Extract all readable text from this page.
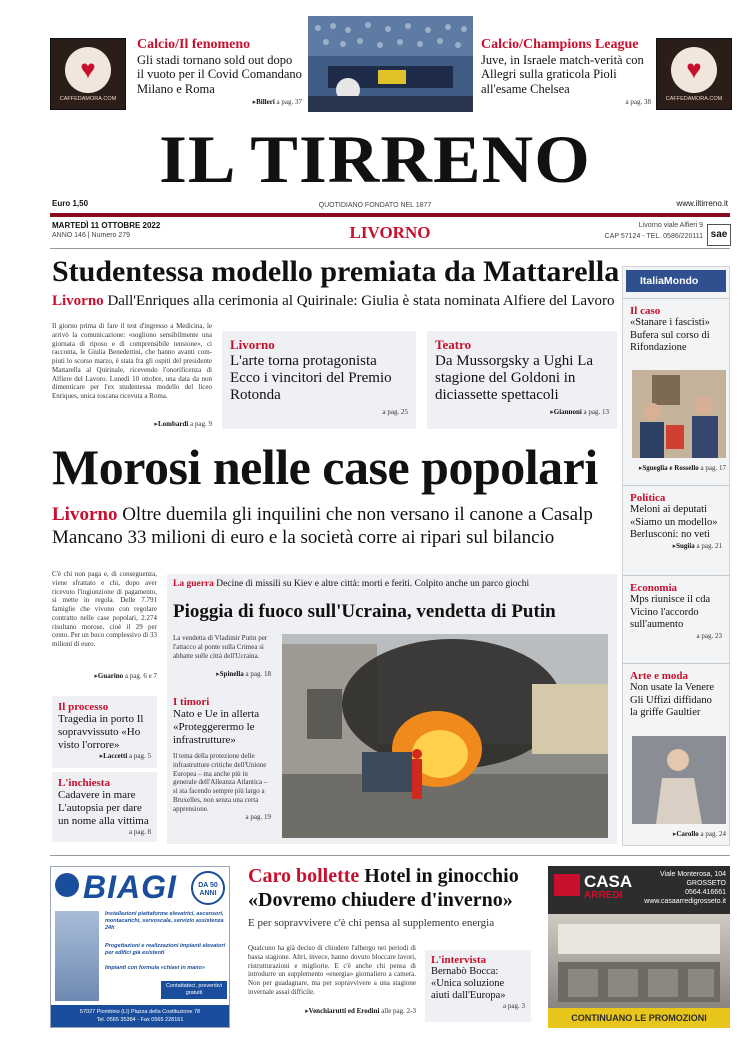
♥
CAFFEDAMORA.COM
Calcio/Il fenomeno
Gli stadi tornano sold out dopo il vuoto per il Covid Comandano Milano e Roma
▸Billeri a pag. 37
Calcio/Champions League
Juve, in Israele match-verità con Allegri sulla graticola Pioli all'esame Chelsea
a pag. 38
♥
CAFFEDAMORA.COM
IL TIRRENO
Euro 1,50	QUOTIDIANO FONDATO NEL 1877	www.iltirreno.it
MARTEDÌ 11 OTTOBRE 2022
ANNO 146 | Numero 279	LIVORNO	Livorno viale Alfieri 9
CAP 57124 - TEL. 0586/220111 sae
Studentessa modello premiata da Mattarella
Livorno Dall'Enriques alla cerimonia al Quirinale: Giulia è stata nominata Alfiere del Lavoro
Il giorno prima di fare il test d'ingresso a Medicina, le arrivò la comunicazione: «sogliono sensibilmente una giornata di riposo e di comprensibile tensione», ci racconta, le Giulia Benedettini, che hanno avanti compiuti lo scorso marzo, è stata fra gli ospiti del presidente Mattarella al Quirinale, ricevendo l'onorificenza di Alfiere del Lavoro. Lunedì 10 ottobre, una data da non dimenticare per l'ex studentessa modello del liceo Enriques, unica toscana ricevuta a Roma.
▸Lombardi a pag. 9
Livorno
L'arte torna protagonista Ecco i vincitori del Premio Rotonda
a pag. 25
Teatro
Da Mussorgsky a Ughi La stagione del Goldoni in diciassette spettacoli
▸Giannoni a pag. 13
Morosi nelle case popolari
Livorno Oltre duemila gli inquilini che non versano il canone a Casalp
Mancano 33 milioni di euro e la società corre ai ripari sul bilancio
C'è chi non paga e, di conseguenza, viene sfrattato e chi, dopo aver ricevuto l'ingiunzione di pagamento, si mette in regola. Delle 7.791 famiglie che vivono con regolare contratto nelle case popolari, 2.274 risultano morose, cioè il 29 per cento. Per un buco complessivo di 33 milioni di euro.
▸Guarino a pag. 6 e 7
Il processo
Tragedia in porto Il sopravvissuto «Ho visto l'orrore»
▸Laccetti a pag. 5
L'inchiesta
Cadavere in mare L'autopsia per dare un nome alla vittima
a pag. 8
La guerra Decine di missili su Kiev e altre città: morti e feriti. Colpito anche un parco giochi
Pioggia di fuoco sull'Ucraina, vendetta di Putin
La vendetta di Vladimir Putin per l'attacco al ponte sulla Crimea si abbatte sulle città dell'Ucraina.
▸Spinella a pag. 18
I timori
Nato e Ue in allerta «Proteggerermo le infrastrutture»
Il tema della protezione delle infrastrutture critiche dell'Unione Europea – ma anche più in generale dell'Alleanza Atlantica – si sta facendo sempre più largo a Bruxelles, non senza una certa apprensione.
a pag. 19
ItaliaMondo
Il caso
«Stanare i fascisti» Bufera sul corso di Rifondazione
▸Sgueglia e Rossello a pag. 17
Politica
Meloni ai deputati «Siamo un modello» Berlusconi: no veti
▸Sugiia a pag. 21
Economia
Mps riunisce il cda Vicino l'accordo sull'aumento
a pag. 23
Arte e moda
Non usate la Venere Gli Uffizi diffidano la griffe Gaultier
▸Carollo a pag. 24
BIAGI	DA 50 ANNI
Installazioni piattaforme elevatrici, ascensori, montacarichi, servoscala, servizio assistenza 24h
Progettazioni e realizzazioni impianti elevatori per edifici già esistenti
Impianti con formula «chiavi in mano»
Contattateci, preventivi gratuiti
57027 Piombino (LI) Piazza della Costituzione 78
Tel. 0565 35384 - Fax 0565 228161
Caro bollette Hotel in ginocchio «Dovremo chiudere d'inverno»
E per sopravvivere c'è chi pensa al supplemento energia
Qualcuno ha già deciso di chiudere l'albergo nei periodi di bassa stagione. Altri, invece, hanno dovuto bloccare lavori, ristrutturazioni e migliorie. E c'è anche chi pensa di introdurre un supplemento «energia» giornaliero a camera. Non per guadagnare, ma per sopravvivere a una stagione invernale assai difficile.
▸Venchiarutti ed Erodini alle pag. 2-3
L'intervista
Bernabò Bocca: «Unica soluzione aiuti dall'Europa»
a pag. 3
CASA
ARREDI
Viale Monterosa, 104
GROSSETO
0564.416661
www.casaarredigrosseto.it
CONTINUANO LE PROMOZIONI
